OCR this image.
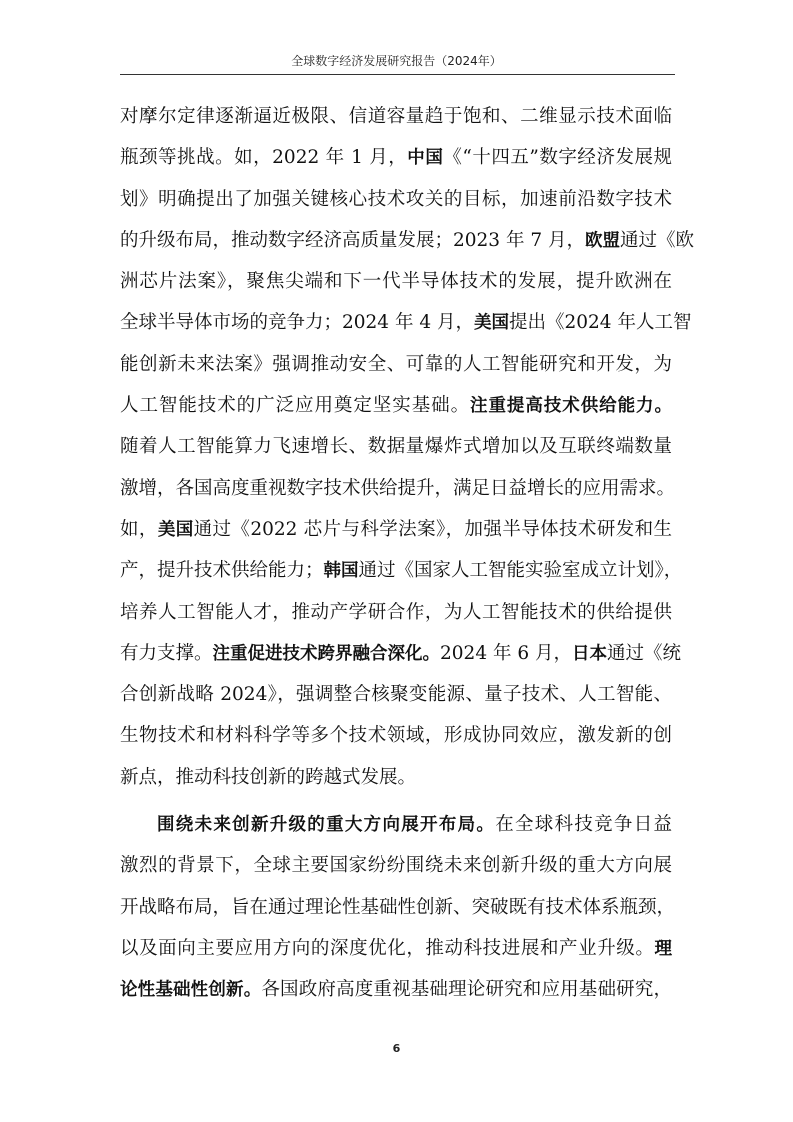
全球数字经济发展研究报告（2024年）
对摩尔定律逐渐逼近极限、信道容量趋于饱和、二维显示技术面临
瓶颈等挑战。如，2022 年 1 月，中国《“十四五”数字经济发展规
划》明确提出了加强关键核心技术攻关的目标，加速前沿数字技术
的升级布局，推动数字经济高质量发展；2023 年 7 月，欧盟通过《欧
洲芯片法案》，聚焦尖端和下一代半导体技术的发展，提升欧洲在
全球半导体市场的竞争力；2024 年 4 月，美国提出《2024 年人工智
能创新未来法案》强调推动安全、可靠的人工智能研究和开发，为
人工智能技术的广泛应用奠定坚实基础。注重提高技术供给能力。
随着人工智能算力飞速增长、数据量爆炸式增加以及互联终端数量
激增，各国高度重视数字技术供给提升，满足日益增长的应用需求。
如，美国通过《2022 芯片与科学法案》，加强半导体技术研发和生
产，提升技术供给能力；韩国通过《国家人工智能实验室成立计划》，
培养人工智能人才，推动产学研合作，为人工智能技术的供给提供
有力支撑。注重促进技术跨界融合深化。2024 年 6 月，日本通过《统
合创新战略 2024》，强调整合核聚变能源、量子技术、人工智能、
生物技术和材料科学等多个技术领域，形成协同效应，激发新的创
新点，推动科技创新的跨越式发展。
围绕未来创新升级的重大方向展开布局。在全球科技竞争日益
激烈的背景下，全球主要国家纷纷围绕未来创新升级的重大方向展
开战略布局，旨在通过理论性基础性创新、突破既有技术体系瓶颈，
以及面向主要应用方向的深度优化，推动科技进展和产业升级。理
论性基础性创新。各国政府高度重视基础理论研究和应用基础研究，
6
